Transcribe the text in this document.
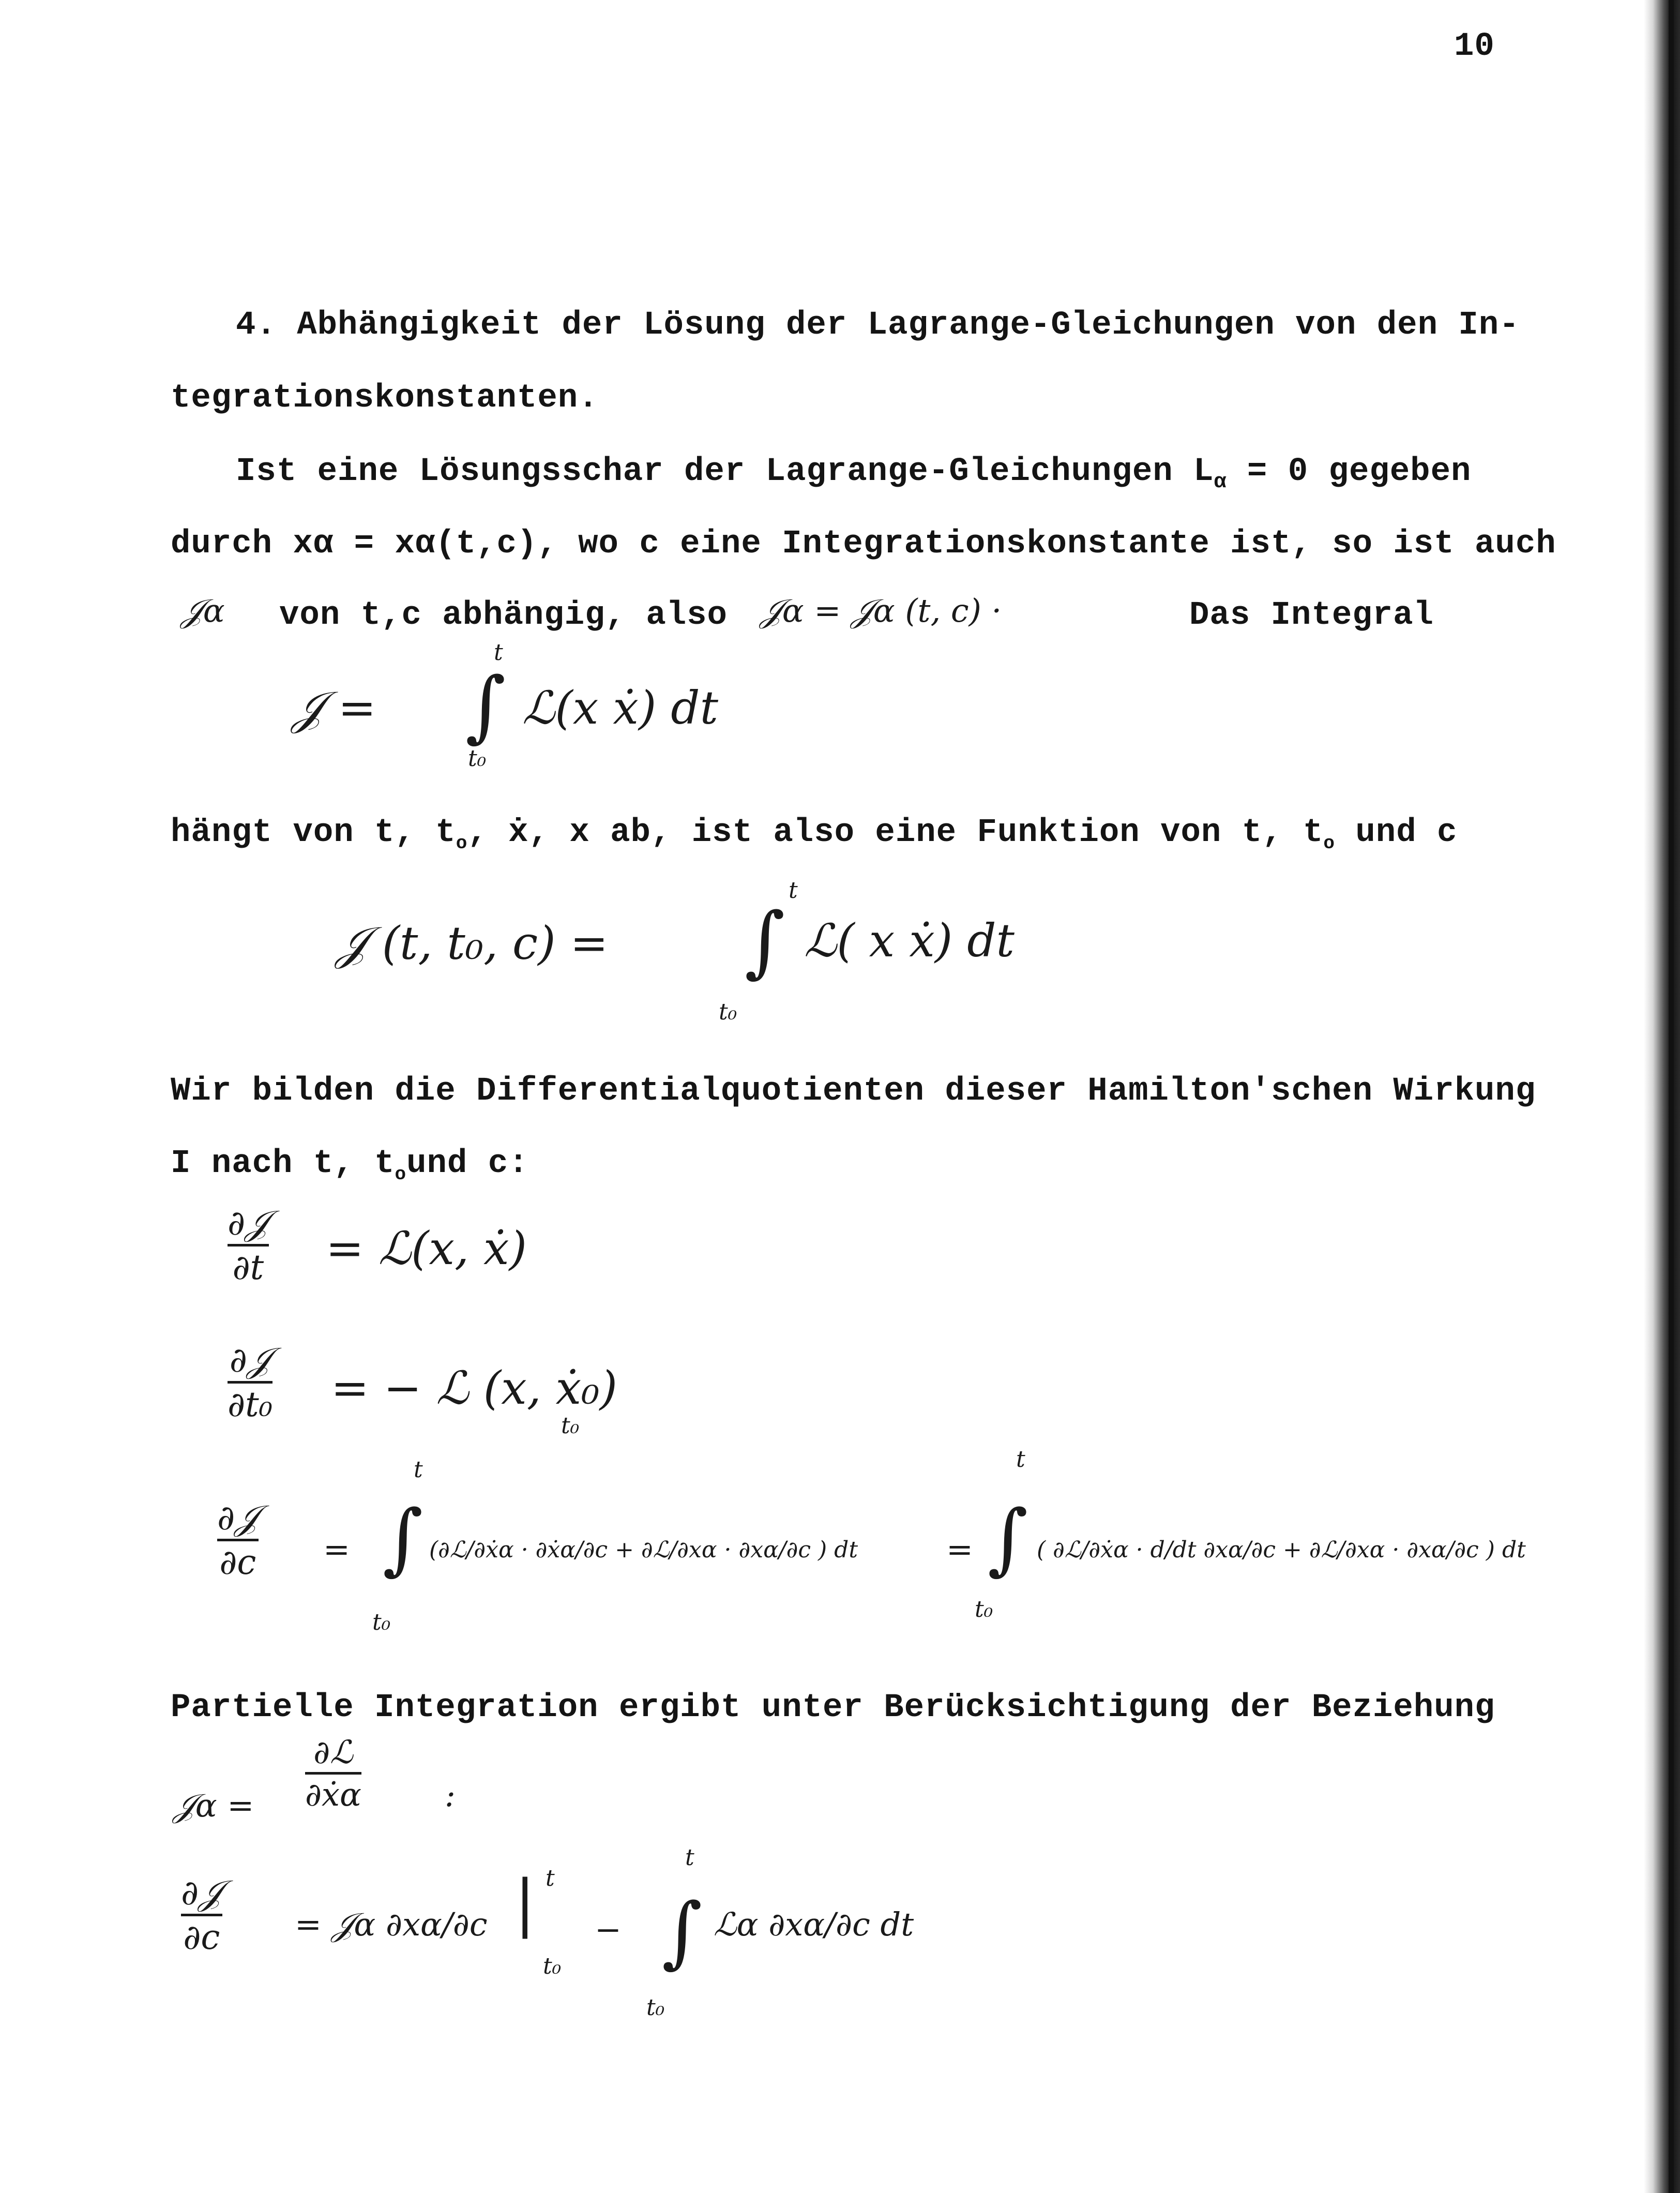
10
4. Abhängigkeit der Lösung der Lagrange-Gleichungen von den In-
tegrationskonstanten.
Ist eine Lösungsschar der Lagrange-Gleichungen $L_\alpha = 0$ gegeben
durch xα = xα(t,c), wo c eine Integrationskonstante ist, so ist auch
𝒥α von t,c abhängig, also 𝒥α = 𝒥α (t, c) ·	Das Integral
𝒥 =
t
∫
t₀
ℒ(x ẋ) dt
hängt von t, $t_o$, ẋ, x ab, ist also eine Funktion von t, $t_o$ und c
𝒥 (t, t₀, c) =
t
∫
t₀
ℒ( x ẋ) dt
Wir bilden die Differentialquotienten dieser Hamilton'schen Wirkung
I nach t, $t_ound$ c:
∂𝒥
∂t = ℒ(x, ẋ)
∂𝒥
∂t₀ = − ℒ (x, ẋ₀)
t₀
∂𝒥
∂c =
t
∫
t₀
(∂ℒ/∂ẋα · ∂ẋα/∂c + ∂ℒ/∂xα · ∂xα/∂c ) dt	=
t
∫
t₀
( ∂ℒ/∂ẋα · d/dt ∂xα/∂c + ∂ℒ/∂xα · ∂xα/∂c ) dt
Partielle Integration ergibt unter Berücksichtigung der Beziehung
𝒥α =
∂ℒ
∂ẋα	:
∂𝒥
∂c = 𝒥α ∂xα/∂c | t
t₀
−
t
∫
t₀
ℒα ∂xα/∂c dt
